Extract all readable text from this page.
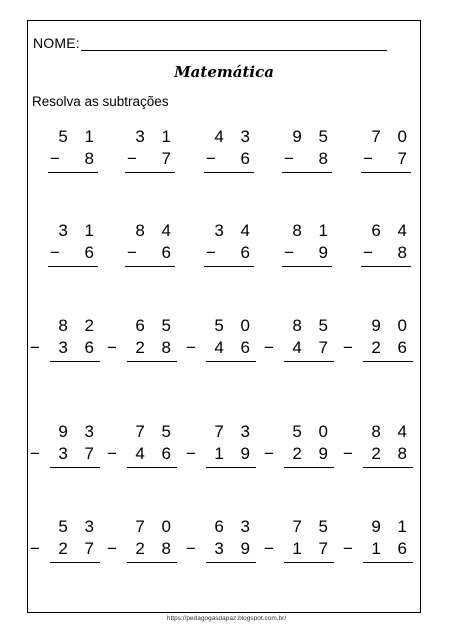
NOME:
Matemática
Resolva as subtrações
5 1
− 8
3 1
− 7
4 3
− 6
9 5
− 8
7 0
− 7
3 1
− 6
8 4
− 6
3 4
− 6
8 1
− 9
6 4
− 8
8 2
− 3 6
6 5
− 2 8
5 0
− 4 6
8 5
− 4 7
9 0
− 2 6
9 3
− 3 7
7 5
− 4 6
7 3
− 1 9
5 0
− 2 9
8 4
− 2 8
5 3
− 2 7
7 0
− 2 8
6 3
− 3 9
7 5
− 1 7
9 1
− 1 6
https://pedagogasdapaz.blogspot.com.br/
